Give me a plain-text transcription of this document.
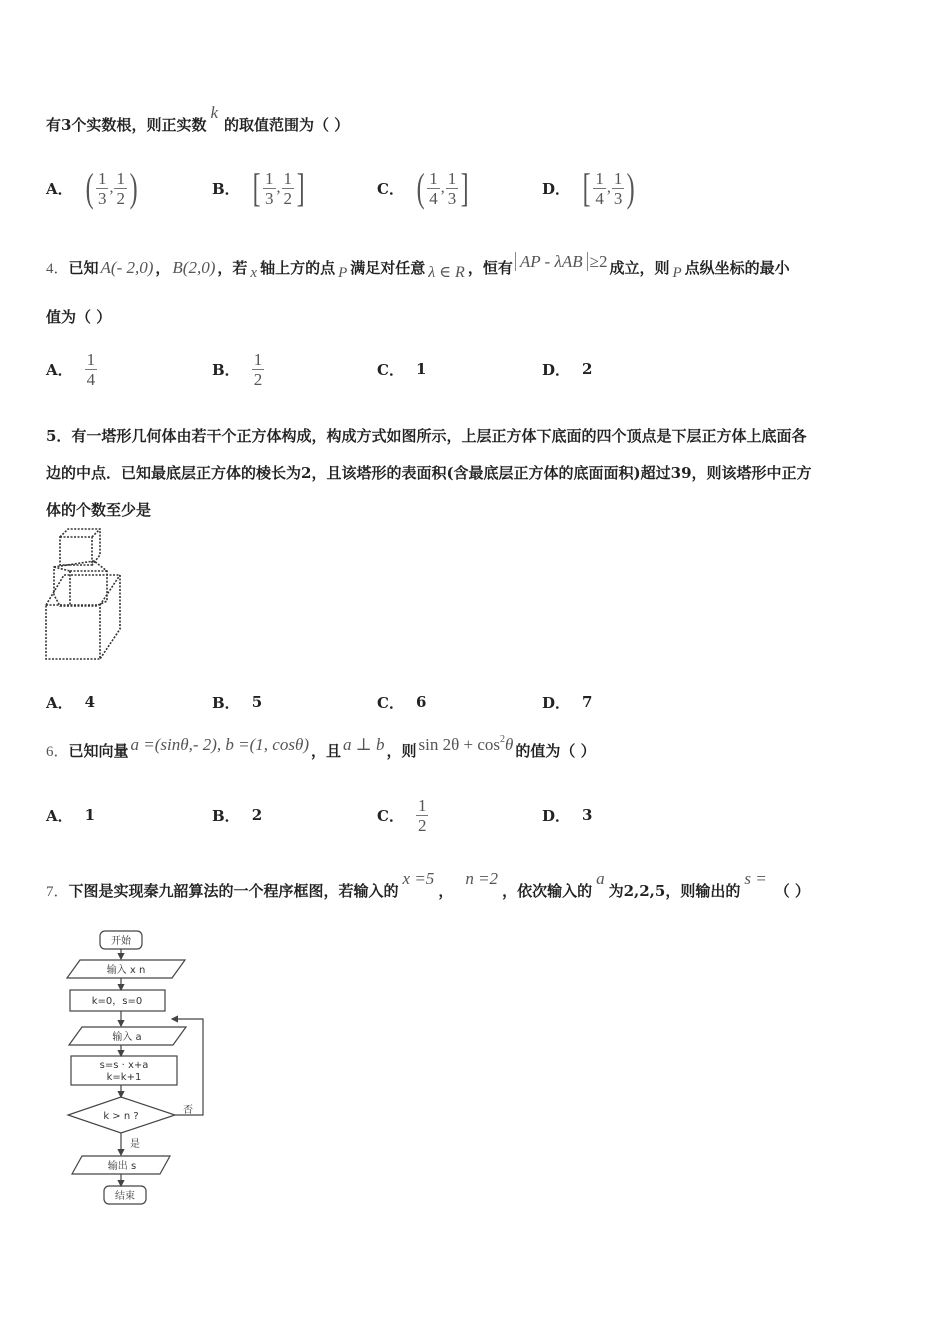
有3个实数根，则正实数k的取值范围为（ ）
A． ( $\frac{1}{3}$ , $\frac{1}{2}$ )	B． [ $\frac{1}{3}$ , $\frac{1}{2}$ ]	C． ( $\frac{1}{4}$ , $\frac{1}{3}$ ]	D． [ $\frac{1}{4}$ , $\frac{1}{3}$ )
4．已知 A(- 2,0) ， B(2,0) ，若 x 轴上方的点 P 满足对任意 λ ∈ R ，恒有 AP - λAB ≥2 成立，则 P 点纵坐标的最小
值为（ ）
A． $\frac{1}{4}$	B． $\frac{1}{2}$	C． 1	D． 2
5．有一塔形几何体由若干个正方体构成，构成方式如图所示，上层正方体下底面的四个顶点是下层正方体上底面各
边的中点．已知最底层正方体的棱长为2，且该塔形的表面积(含最底层正方体的底面面积)超过39，则该塔形中正方
体的个数至少是
A． 4	B． 5	C． 6	D． 7
6．已知向量 a =(sinθ,- 2), b =(1, cosθ) ，且 a ⊥ b ，则 $\sin 2\theta + \cos^2\theta$ 的值为（ ）
A． 1	B． 2	C． $\frac{1}{2}$	D． 3
7．下图是实现秦九韶算法的一个程序框图，若输入的x =5，n =2，依次输入的a为2,2,5，则输出的s =（ ）
开始
输入 x n
k=0，s=0
输入 a
s=s · x+a
k=k+1
k > n ?
否
是
输出 s
结束
